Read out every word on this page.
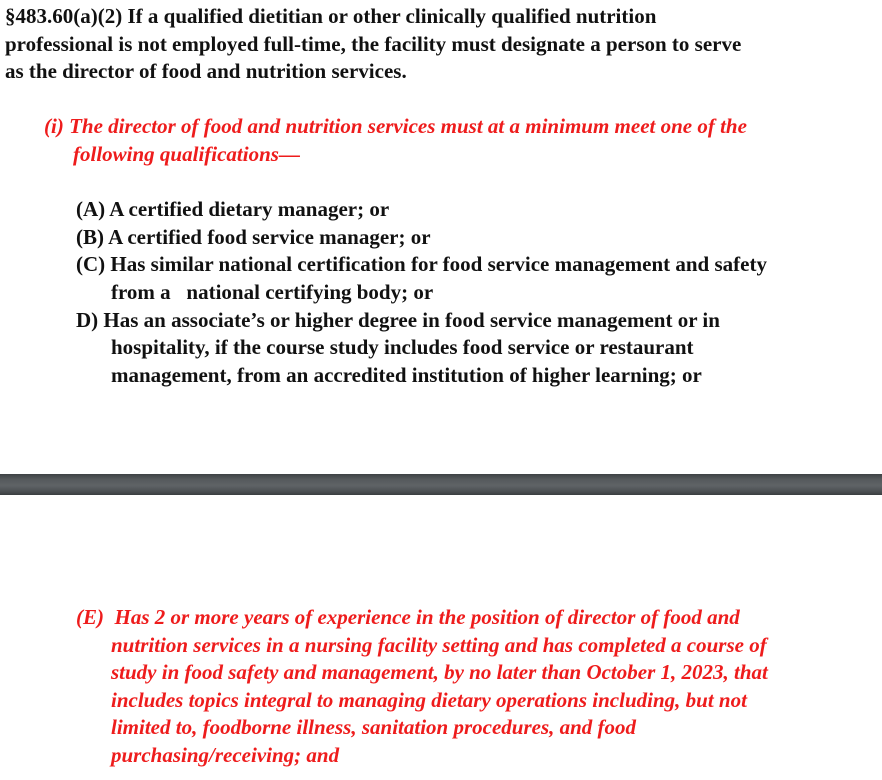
§483.60(a)(2) If a qualified dietitian or other clinically qualified nutrition
professional is not employed full-time, the facility must designate a person to serve
as the director of food and nutrition services.
(i) The director of food and nutrition services must at a minimum meet one of the
following qualifications—
(A) A certified dietary manager; or
(B) A certified food service manager; or
(C) Has similar national certification for food service management and safety
from a   national certifying body; or
D) Has an associate’s or higher degree in food service management or in
hospitality, if the course study includes food service or restaurant
management, from an accredited institution of higher learning; or
(E)  Has 2 or more years of experience in the position of director of food and
nutrition services in a nursing facility setting and has completed a course of
study in food safety and management, by no later than October 1, 2023, that
includes topics integral to managing dietary operations including, but not
limited to, foodborne illness, sanitation procedures, and food
purchasing/receiving; and
